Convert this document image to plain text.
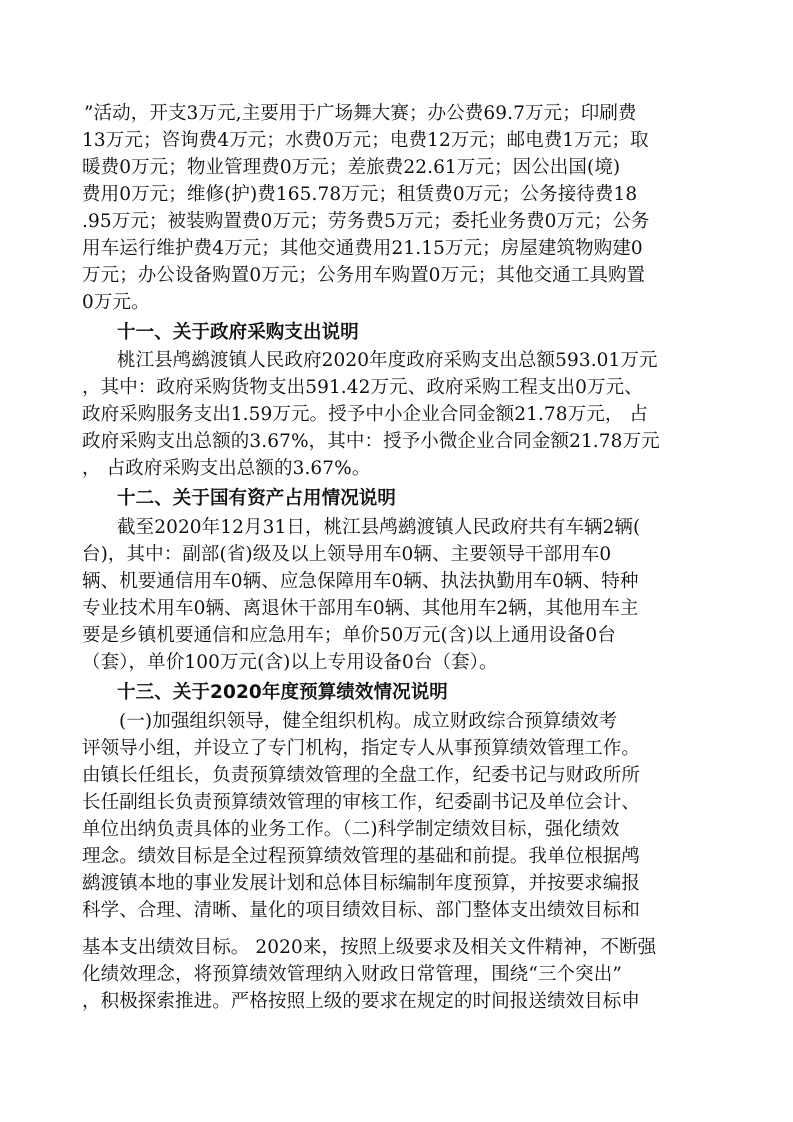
”活动，开支3万元,主要用于广场舞大赛；办公费69.7万元；印刷费
13万元；咨询费4万元；水费0万元；电费12万元；邮电费1万元；取
暖费0万元；物业管理费0万元；差旅费22.61万元；因公出国(境)
费用0万元；维修(护)费165.78万元；租赁费0万元；公务接待费18
.95万元；被装购置费0万元；劳务费5万元；委托业务费0万元；公务
用车运行维护费4万元；其他交通费用21.15万元；房屋建筑物购建0
万元；办公设备购置0万元；公务用车购置0万元；其他交通工具购置
0万元。
十一、关于政府采购支出说明
桃江县鸬鹚渡镇人民政府2020年度政府采购支出总额593.01万元
，其中：政府采购货物支出591.42万元、政府采购工程支出0万元、
政府采购服务支出1.59万元。授予中小企业合同金额21.78万元， 占
政府采购支出总额的3.67%，其中：授予小微企业合同金额21.78万元
， 占政府采购支出总额的3.67%。
十二、关于国有资产占用情况说明
截至2020年12月31日，桃江县鸬鹚渡镇人民政府共有车辆2辆(
台)，其中：副部(省)级及以上领导用车0辆、主要领导干部用车0
辆、机要通信用车0辆、应急保障用车0辆、执法执勤用车0辆、特种
专业技术用车0辆、离退休干部用车0辆、其他用车2辆，其他用车主
要是乡镇机要通信和应急用车；单价50万元(含)以上通用设备0台
（套），单价100万元(含)以上专用设备0台（套）。
十三、关于2020年度预算绩效情况说明
(一)加强组织领导，健全组织机构。成立财政综合预算绩效考
评领导小组，并设立了专门机构，指定专人从事预算绩效管理工作。
由镇长任组长，负责预算绩效管理的全盘工作，纪委书记与财政所所
长任副组长负责预算绩效管理的审核工作，纪委副书记及单位会计、
单位出纳负责具体的业务工作。（二)科学制定绩效目标，强化绩效
理念。绩效目标是全过程预算绩效管理的基础和前提。我单位根据鸬
鹚渡镇本地的事业发展计划和总体目标编制年度预算，并按要求编报
科学、合理、清晰、量化的项目绩效目标、部门整体支出绩效目标和
基本支出绩效目标。 2020来，按照上级要求及相关文件精神，不断强
化绩效理念，将预算绩效管理纳入财政日常管理，围绕“三个突出”
，积极探索推进。严格按照上级的要求在规定的时间报送绩效目标申
